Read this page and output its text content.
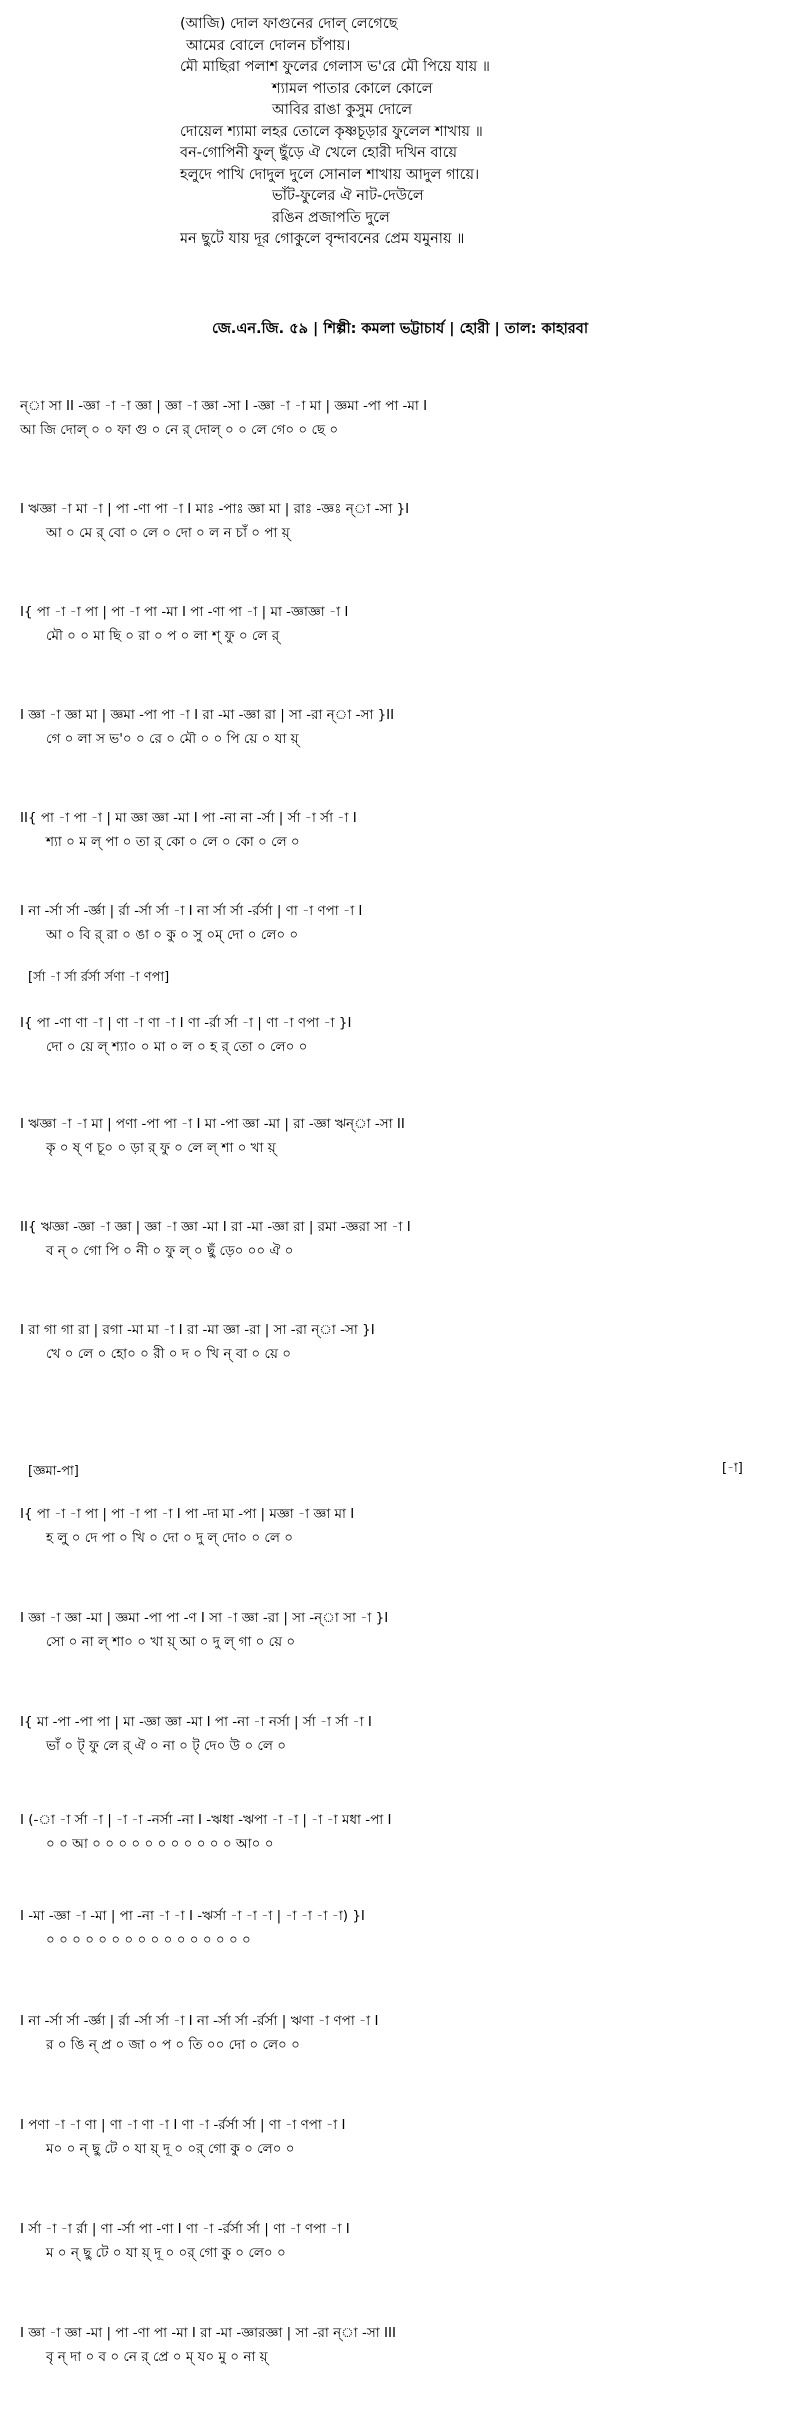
(আজি) দোল ফাগুনের দোল্‌ লেগেছে
আমের বোলে দোলন চাঁপায়।
মৌ মাছিরা পলাশ ফুলের গেলাস ভ'রে মৌ পিয়ে যায় ॥
শ্যামল পাতার কোলে কোলে
আবির রাঙা কুসুম দোলে
দোয়েল শ্যামা লহর তোলে কৃষ্ণচূড়ার ফুলেল শাখায় ॥
বন-গোপিনী ফুল্‌ ছুঁড়ে ঐ খেলে হোরী দখিন বায়ে
হলুদে পাখি দোদুল দুলে সোনাল শাখায় আদুল গায়ে।
ভাঁট-ফুলের ঐ নাট-দেউলে
রঙিন প্রজাপতি দুলে
মন ছুটে যায় দূর গোকুলে বৃন্দাবনের প্রেম যমুনায় ॥
জে.এন.জি. ৫৯ | শিল্পী: কমলা ভট্টাচার্য | হোরী | তাল: কাহারবা
[র্সা -া র্সা র্রর্সা র্সণা -া ণপা]
[জ্ঞমা-পা]	[-া]
ন্‌া সা II -জ্ঞা -া -া জ্ঞা | জ্ঞা -া জ্ঞা -সা I -জ্ঞা -া -া মা | জ্ঞমা -পা পা -মা I
আ জি দোল্‌ ০ ০ ফা গু ০ নে র্‌ দোল্‌ ০ ০ লে গে০ ০ ছে ০
I ঋজ্ঞা -া মা -া | পা -ণা পা -া I মাঃ -পাঃ জ্ঞা মা | রাঃ -জ্ঞঃ ন্‌া -সা }I
আ ০ মে র্‌ বো ০ লে ০ দো ০ ল ন চাঁ ০ পা য়্‌
I{ পা -া -া পা | পা -া পা -মা I পা -ণা পা -া | মা -জ্ঞাজ্ঞা -া I
মৌ ০ ০ মা ছি ০ রা ০ প ০ লা শ্‌ ফু ০ লে র্‌
I জ্ঞা -া জ্ঞা মা | জ্ঞমা -পা পা -া I রা -মা -জ্ঞা রা | সা -রা ন্‌া -সা }II
গে ০ লা স ভ'০ ০ রে ০ মৌ ০ ০ পি য়ে ০ যা য়্‌
II{ পা -া পা -া | মা জ্ঞা জ্ঞা -মা I পা -না না -র্সা | র্সা -া র্সা -া I
শ্যা ০ ম ল্‌ পা ০ তা র্‌ কো ০ লে ০ কো ০ লে ০
I না -র্সা র্সা -র্জ্ঞা | র্রা -র্সা র্সা -া I না র্সা র্সা -র্রর্সা | ণা -া ণপা -া I
আ ০ বি র্‌ রা ০ ঙা ০ কু ০ সু ০ম্‌ দো ০ লে০ ০
I{ পা -ণা ণা -া | ণা -া ণা -া I ণা -র্রা র্সা -া | ণা -া ণপা -া }I
দো ০ য়ে ল্‌ শ্যা০ ০ মা ০ ল ০ হ র্‌ তো ০ লে০ ০
I ঋজ্ঞা -া -া মা | পণা -পা পা -া I মা -পা জ্ঞা -মা | রা -জ্ঞা ঋন্‌া -সা II
কৃ ০ ষ্‌ ণ চূ০ ০ ড়া র্‌ ফু ০ লে ল্‌ শা ০ খা য়্‌
II{ ঋজ্ঞা -জ্ঞা -া জ্ঞা | জ্ঞা -া জ্ঞা -মা I রা -মা -জ্ঞা রা | রমা -জ্ঞরা সা -া I
ব ন্‌ ০ গো পি ০ নী ০ ফু ল্‌ ০ ছুঁ ড়ে০ ০০ ঐ ০
I রা গা গা রা | রগা -মা মা -া I রা -মা জ্ঞা -রা | সা -রা ন্‌া -সা }I
খে ০ লে ০ হো০ ০ রী ০ দ ০ খি ন্‌ বা ০ য়ে ০
I{ পা -া -া পা | পা -া পা -া I পা -দা মা -পা | মজ্ঞা -া জ্ঞা মা I
হ লু্‌ ০ দে পা ০ খি ০ দো ০ দু ল্‌ দো০ ০ লে ০
I জ্ঞা -া জ্ঞা -মা | জ্ঞমা -পা পা -ণ I সা -া জ্ঞা -রা | সা -ন্‌া সা -া }I
সো ০ না ল্‌ শা০ ০ খা য়্‌ আ ০ দু ল্‌ গা ০ য়ে ০
I{ মা -পা -পা পা | মা -জ্ঞা জ্ঞা -মা I পা -না -া নর্সা | র্সা -া র্সা -া I
ভাঁ ০ ট্‌ ফু লে র্‌ ঐ ০ না ০ ট্‌ দে০ উ ০ লে ০
I (-া -া র্সা -া | -া -া -নর্সা -না I -ঋধা -ঋপা -া -া | -া -া মধা -পা I
০ ০ আ ০ ০ ০ ০ ০ ০ ০ ০ ০ ০ ০ আ০ ০
I -মা -জ্ঞা -া -মা | পা -না -া -া I -ঋর্সা -া -া -া | -া -া -া -া) }I
০ ০ ০ ০ ০ ০ ০ ০ ০ ০ ০ ০ ০ ০ ০ ০
I না -র্সা র্সা -র্জ্ঞা | র্রা -র্সা র্সা -া I না -র্সা র্সা -র্রর্সা | ঋণা -া ণপা -া I
র ০ ঙি ন্‌ প্র ০ জা ০ প ০ তি ০০ দো ০ লে০ ০
I পণা -া -া ণা | ণা -া ণা -া I ণা -া -র্রর্সা র্সা | ণা -া ণপা -া I
ম০ ০ ন্‌ ছু টে ০ যা য়্‌ দূ ০ ০র্‌ গো কু ০ লে০ ০
I র্সা -া -া র্রা | ণা -র্সা পা -ণা I ণা -া -র্রর্সা র্সা | ণা -া ণপা -া I
ম ০ ন্‌ ছু টে ০ যা য়্‌ দূ ০ ০র্‌ গো কু ০ লে০ ০
I জ্ঞা -া জ্ঞা -মা | পা -ণা পা -মা I রা -মা -জ্ঞারজ্ঞা | সা -রা ন্‌া -সা III
বৃ ন্‌ দা ০ ব ০ নে র্‌ প্রে ০ ম্‌ য০ মু ০ না য়্‌
